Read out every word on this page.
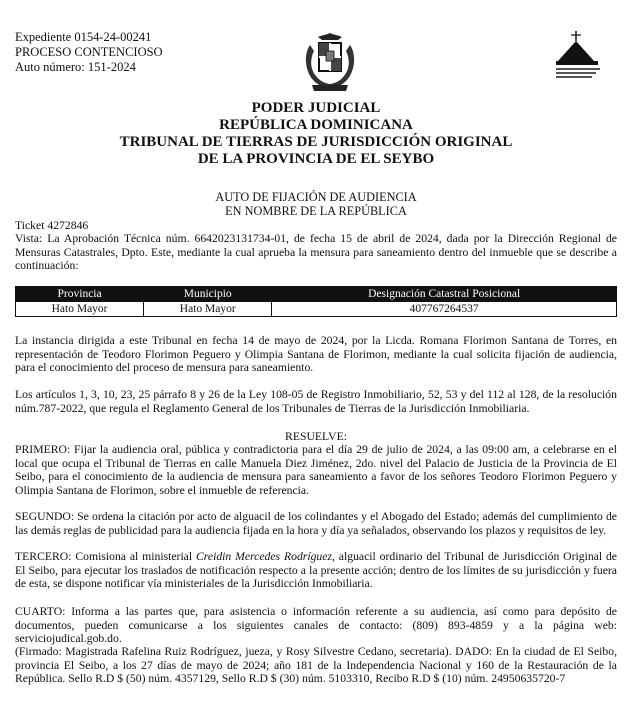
Expediente 0154-24-00241
PROCESO CONTENCIOSO
Auto número: 151-2024
PODER JUDICIAL
REPÚBLICA DOMINICANA
TRIBUNAL DE TIERRAS DE JURISDICCIÓN ORIGINAL
DE LA PROVINCIA DE EL SEYBO
AUTO DE FIJACIÓN DE AUDIENCIA
EN NOMBRE DE LA REPÚBLICA
Ticket 4272846
Vista: La Aprobación Técnica núm. 6642023131734-01, de fecha 15 de abril de 2024, dada por la Dirección Regional de Mensuras Catastrales, Dpto. Este, mediante la cual aprueba la mensura para saneamiento dentro del inmueble que se describe a continuación:
Provincia	Municipio	Designación Catastral Posicional
Hato Mayor	Hato Mayor	407767264537
La instancia dirigida a este Tribunal en fecha 14 de mayo de 2024, por la Licda. Romana Florimon Santana de Torres, en representación de Teodoro Florimon Peguero y Olimpia Santana de Florimon, mediante la cual solicita fijación de audiencia, para el conocimiento del proceso de mensura para saneamiento.
Los artículos 1, 3, 10, 23, 25 párrafo 8 y 26 de la Ley 108-05 de Registro Inmobiliario, 52, 53 y del 112 al 128, de la resolución núm.787-2022, que regula el Reglamento General de los Tribunales de Tierras de la Jurisdicción Inmobiliaria.
RESUELVE:
PRIMERO: Fijar la audiencia oral, pública y contradictoria para el día 29 de julio de 2024, a las 09:00 am, a celebrarse en el local que ocupa el Tribunal de Tierras en calle Manuela Diez Jiménez, 2do. nivel del Palacio de Justicia de la Provincia de El Seibo, para el conocimiento de la audiencia de mensura para saneamiento a favor de los señores Teodoro Florimon Peguero y Olimpia Santana de Florimon, sobre el inmueble de referencia.
SEGUNDO: Se ordena la citación por acto de alguacil de los colindantes y el Abogado del Estado; además del cumplimiento de las demás reglas de publicidad para la audiencia fijada en la hora y día ya señalados, observando los plazos y requisitos de ley.
TERCERO: Comisiona al ministerial Creidin Mercedes Rodríguez, alguacil ordinario del Tribunal de Jurisdicción Original de El Seibo, para ejecutar los traslados de notificación respecto a la presente acción; dentro de los límites de su jurisdicción y fuera de esta, se dispone notificar vía ministeriales de la Jurisdicción Inmobiliaria.
CUARTO: Informa a las partes que, para asistencia o información referente a su audiencia, así como para depósito de documentos, pueden comunicarse a los siguientes canales de contacto: (809) 893-4859 y a la página web: serviciojudical.gob.do.
(Firmado: Magistrada Rafelina Ruiz Rodríguez, jueza, y Rosy Silvestre Cedano, secretaria). DADO: En la ciudad de El Seibo, provincia El Seibo, a los 27 días de mayo de 2024; año 181 de la Independencia Nacional y 160 de la Restauración de la República. Sello R.D $ (50) núm. 4357129, Sello R.D $ (30) núm. 5103310, Recibo R.D $ (10) núm. 24950635720-7
